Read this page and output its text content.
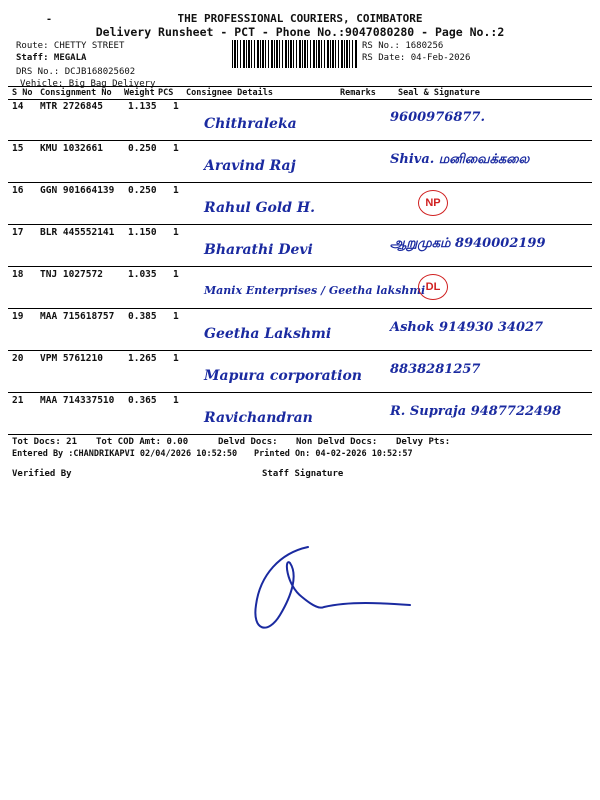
-	THE PROFESSIONAL COURIERS, COIMBATORE
Delivery Runsheet - PCT - Phone No.:9047080280 - Page No.:2
Route: CHETTY STREET
Staff: MEGALA
DRS No.: DCJB168025602
Vehicle: Big Bag Delivery
RS No.: 1680256
RS Date: 04-Feb-2026
S No Consignment No Weight PCS Consignee Details	Remarks	Seal & Signature
14 MTR 2726845	1.135 1
Chithraleka	9600976877.
15 KMU 1032661	0.250 1
Aravind Raj	Shiva. மனிவைக்கலை
16 GGN 901664139 0.250 1
Rahul Gold H.	NP
17 BLR 445552141 1.150 1
Bharathi Devi	ஆறுமுகம் 8940002199
18 TNJ 1027572	1.035 1
Manix Enterprises / Geetha lakshmi DL
19 MAA 715618757 0.385 1
Geetha Lakshmi	Ashok 914930 34027
20 VPM 5761210	1.265 1
Mapura corporation 8838281257
21 MAA 714337510 0.365 1
Ravichandran	R. Supraja 9487722498
Tot Docs: 21 Tot COD Amt: 0.00	Delvd Docs: Non Delvd Docs: Delvy Pts:
Entered By :CHANDRIKAPVI 02/04/2026 10:52:50 Printed On: 04-02-2026 10:52:57
Verified By	Staff Signature
